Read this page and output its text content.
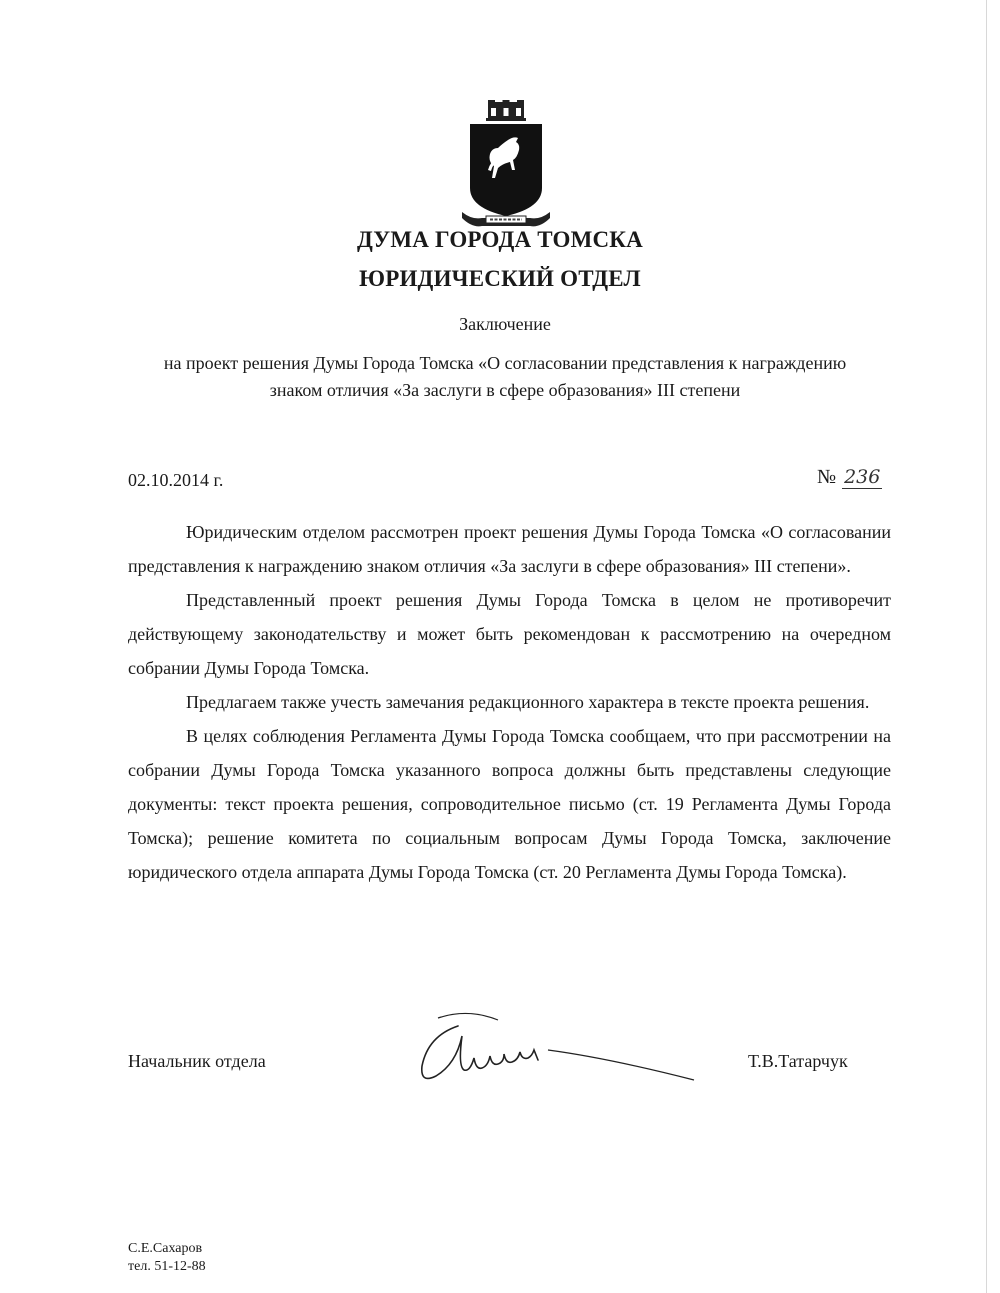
ДУМА ГОРОДА ТОМСКА
ЮРИДИЧЕСКИЙ ОТДЕЛ
Заключение
на проект решения Думы Города Томска «О согласовании представления к награждению
знаком отличия «За заслуги в сфере образования» III степени
02.10.2014 г.	№ 236

Юридическим отделом рассмотрен проект решения Думы Города Томска «О согласовании представления к награждению знаком отличия «За заслуги в сфере образования» III степени».

Представленный проект решения Думы Города Томска в целом не противоречит действующему законодательству и может быть рекомендован к рассмотрению на очередном собрании Думы Города Томска.

Предлагаем также учесть замечания редакционного характера в тексте проекта решения.

В целях соблюдения Регламента Думы Города Томска сообщаем, что при рассмотрении на собрании Думы Города Томска указанного вопроса должны быть представлены следующие документы: текст проекта решения, сопроводительное письмо (ст. 19 Регламента Думы Города Томска); решение комитета по социальным вопросам Думы Города Томска, заключение юридического отдела аппарата Думы Города Томска (ст. 20 Регламента Думы Города Томска).

Начальник отдела	Т.В.Татарчук
С.Е.Сахаров
тел. 51-12-88
